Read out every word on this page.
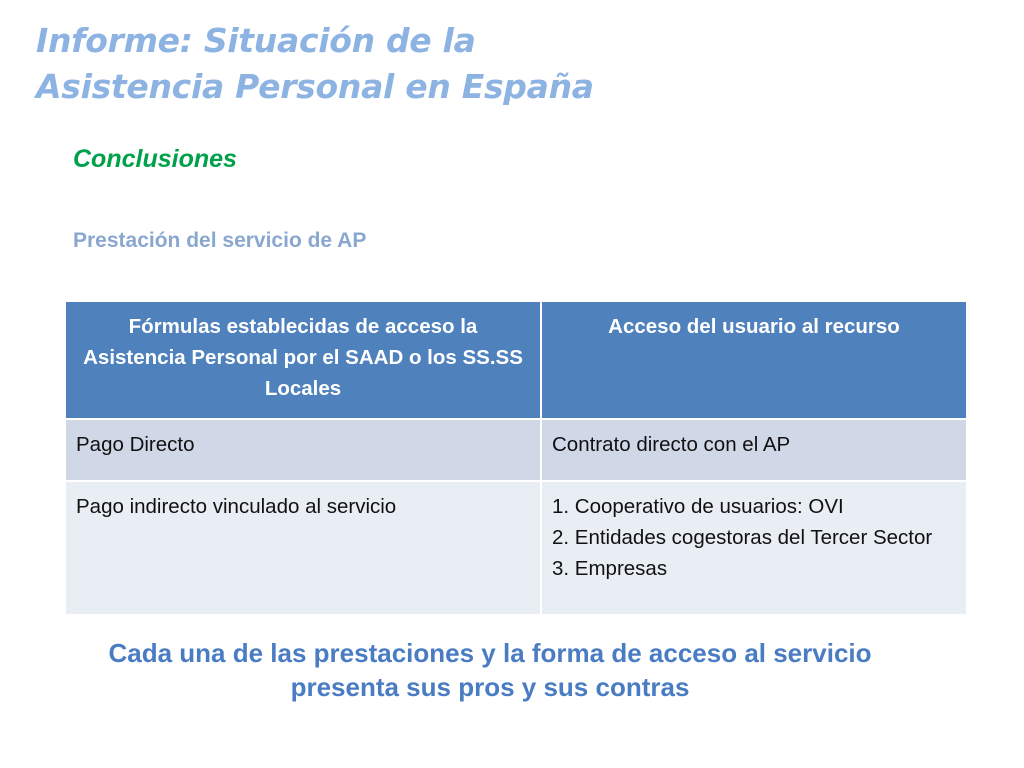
Informe: Situación de la
Asistencia Personal en España
Conclusiones
Prestación del servicio de AP
Fórmulas establecidas de acceso la Asistencia Personal por el SAAD o los SS.SS Locales	Acceso del usuario al recurso
Pago Directo	Contrato directo con el AP
Pago indirecto vinculado al servicio	1. Cooperativo de usuarios: OVI
2. Entidades cogestoras del Tercer Sector
3. Empresas
Cada una de las prestaciones y la forma de acceso al servicio presenta sus pros y sus contras
